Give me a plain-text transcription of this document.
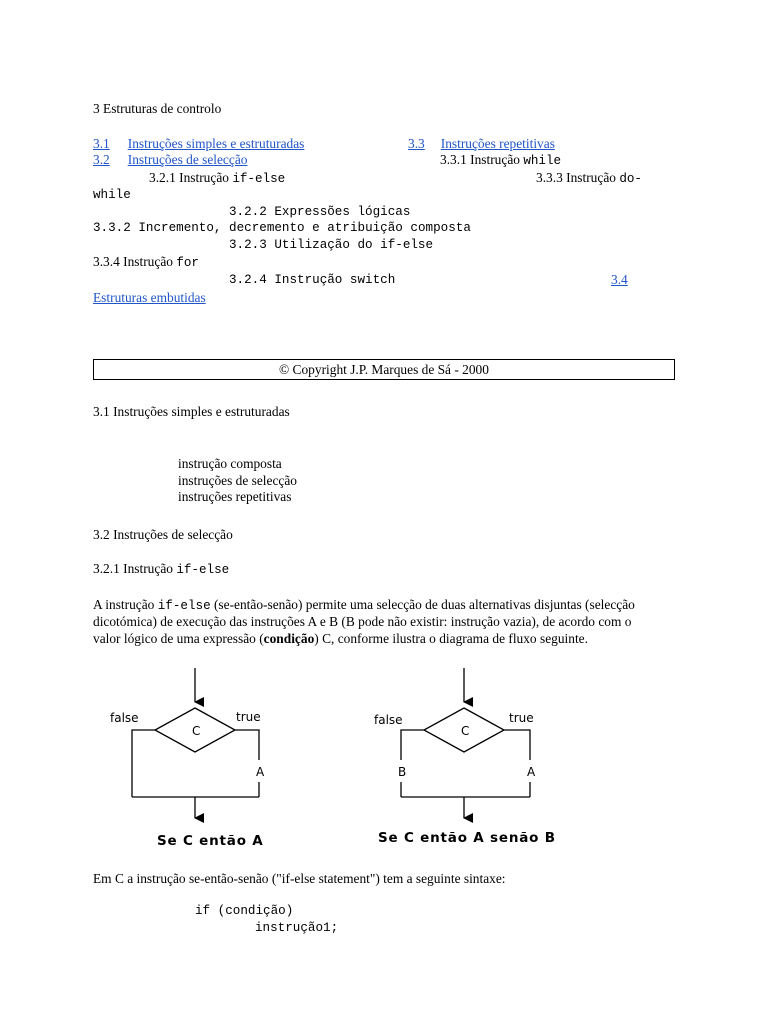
3 Estruturas de controlo
3.1 Instruções simples e estruturadas	3.3 Instruções repetitivas
3.2 Instruções de selecção	3.3.1 Instrução while
3.2.1 Instrução if-else	3.3.3 Instrução do-
while
3.2.2 Expressões lógicas
3.3.2 Incremento, decremento e atribuição composta
3.2.3 Utilização do if-else
3.3.4 Instrução for
3.2.4 Instrução switch	3.4
Estruturas embutidas
© Copyright J.P. Marques de Sá - 2000
3.1 Instruções simples e estruturadas
instrução composta
instruções de selecção
instruções repetitivas
3.2 Instruções de selecção
3.2.1 Instrução if-else
A instrução if-else (se-então-senão) permite uma selecção de duas alternativas disjuntas (selecção
dicotómica) de execução das instruções A e B (B pode não existir: instrução vazia), de acordo com o
valor lógico de uma expressão (condição) C, conforme ilustra o diagrama de fluxo seguinte.
false	true
C
A
Se C então A
false	true
C
B	A
Se C então A senão B
Em C a instrução se-então-senão ("if-else statement") tem a seguinte sintaxe:
if (condição)
instrução1;
